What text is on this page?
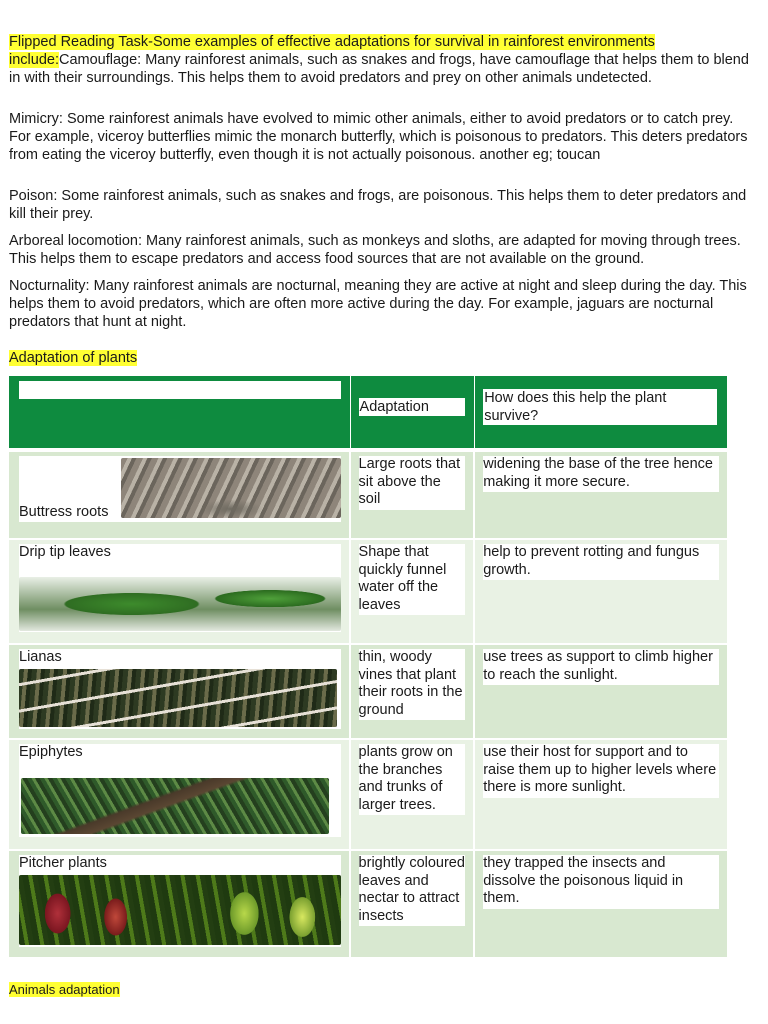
Flipped Reading Task-Some examples of effective adaptations for survival in rainforest environments include:Camouflage: Many rainforest animals, such as snakes and frogs, have camouflage that helps them to blend in with their surroundings. This helps them to avoid predators and prey on other animals undetected.

Mimicry: Some rainforest animals have evolved to mimic other animals, either to avoid predators or to catch prey. For example, viceroy butterflies mimic the monarch butterfly, which is poisonous to predators. This deters predators from eating the viceroy butterfly, even though it is not actually poisonous. another eg; toucan

Poison: Some rainforest animals, such as snakes and frogs, are poisonous. This helps them to deter predators and kill their prey.

Arboreal locomotion: Many rainforest animals, such as monkeys and sloths, are adapted for moving through trees. This helps them to escape predators and access food sources that are not available on the ground.

Nocturnality: Many rainforest animals are nocturnal, meaning they are active at night and sleep during the day. This helps them to avoid predators, which are often more active during the day. For example, jaguars are nocturnal predators that hunt at night.

Adaptation of plants

	Adaptation	How does this help the plant survive?

Buttress roots	Large roots that sit above the soil	widening the base of the tree hence making it more secure.

Drip tip leaves	Shape that quickly funnel water off the leaves	help to prevent rotting and fungus growth.

Lianas	thin, woody vines that plant their roots in the ground	use trees as support to climb higher to reach the sunlight.

Epiphytes	plants grow on the branches and trunks of larger trees.	use their host for support and to raise them up to higher levels where there is more sunlight.

Pitcher plants	brightly coloured leaves and nectar to attract insects	they trapped the insects and dissolve the poisonous liquid in them.

Animals adaptation
